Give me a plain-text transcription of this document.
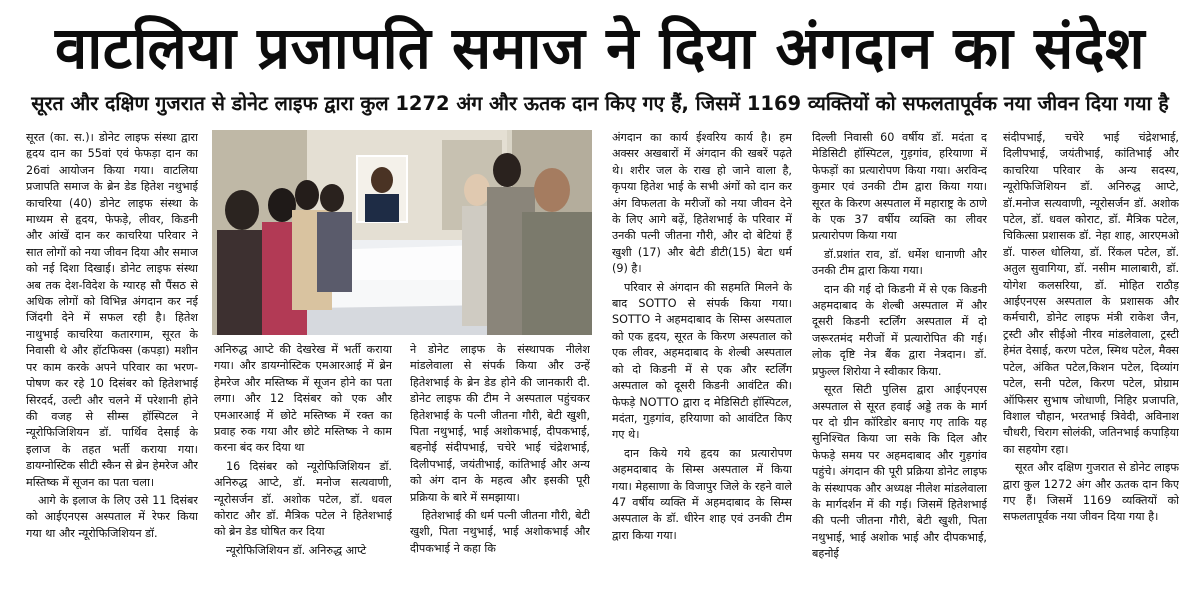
वाटलिया प्रजापति समाज ने दिया अंगदान का संदेश
सूरत और दक्षिण गुजरात से डोनेट लाइफ द्वारा कुल 1272 अंग और ऊतक दान किए गए हैं, जिसमें 1169 व्यक्तियों को सफलतापूर्वक नया जीवन दिया गया है

सूरत (का. स.)। डोनेट लाइफ संस्था द्वारा हृदय दान का 55वां एवं फेफड़ा दान का 26वां आयोजन किया गया। वाटलिया प्रजापति समाज के ब्रेन डेड हितेश नथुभाई काचरिया (40) डोनेट लाइफ संस्था के माध्यम से हृदय, फेफड़े, लीवर, किडनी और आंखें दान कर काचरिया परिवार ने सात लोगों को नया जीवन दिया और समाज को नई दिशा दिखाई। डोनेट लाइफ संस्था अब तक देश-विदेश के ग्यारह सौ पैंसठ से अधिक लोगों को विभिन्न अंगदान कर नई जिंदगी देने में सफल रही है। हितेश नाथुभाई काचरिया कतारगाम, सूरत के निवासी थे और हॉटफिक्स (कपड़ा) मशीन पर काम करके अपने परिवार का भरण-पोषण कर रहे 10 दिसंबर को हितेशभाई सिरदर्द, उल्टी और चलने में परेशानी होने की वजह से सीम्स हॉस्पिटल ने न्यूरोफिजिशियन डॉ. पार्थिव देसाई के इलाज के तहत भर्ती कराया गया। डायग्नोस्टिक सीटी स्कैन से ब्रेन हेमरेज और मस्तिष्क में सूजन का पता चला।

आगे के इलाज के लिए उसे 11 दिसंबर को आईएनएस अस्पताल में रेफर किया गया था और न्यूरोफिजिशियन डॉ.

अनिरुद्ध आप्टे की देखरेख में भर्ती कराया गया। और डायग्नोस्टिक एमआरआई में ब्रेन हेमरेज और मस्तिष्क में सूजन होने का पता लगा। और 12 दिसंबर को एक और एमआरआई में छोटे मस्तिष्क में रक्त का प्रवाह रुक गया और छोटे मस्तिष्क ने काम करना बंद कर दिया था

16 दिसंबर को न्यूरोफिजिशियन डॉ. अनिरुद्ध आप्टे, डॉ. मनोज सत्यवाणी, न्यूरोसर्जन डॉ. अशोक पटेल, डॉ. धवल कोराट और डॉ. मैत्रिक पटेल ने हितेशभाई को ब्रेन डेड घोषित कर दिया

न्यूरोफिजिशियन डॉ. अनिरुद्ध आप्टे

ने डोनेट लाइफ के संस्थापक नीलेश मांडलेवाला से संपर्क किया और उन्हें हितेशभाई के ब्रेन डेड होने की जानकारी दी. डोनेट लाइफ की टीम ने अस्पताल पहुंचकर हितेशभाई के पत्नी जीतना गौरी, बेटी खुशी, पिता नथुभाई, भाई अशोकभाई, दीपकभाई, बहनोई संदीपभाई, चचेरे भाई चंद्रेशभाई, दिलीपभाई, जयंतीभाई, कांतिभाई और अन्य को अंग दान के महत्व और इसकी पूरी प्रक्रिया के बारे में समझाया।

हितेशभाई की धर्म पत्नी जीतना गौरी, बेटी खुशी, पिता नथुभाई, भाई अशोकभाई और दीपकभाई ने कहा कि

अंगदान का कार्य ईश्वरिय कार्य है। हम अक्सर अखबारों में अंगदान की खबरें पढ़ते थे। शरीर जल के राख हो जाने वाला है, कृपया हितेश भाई के सभी अंगों को दान कर अंग विफलता के मरीजों को नया जीवन देने के लिए आगे बढ़ें, हितेशभाई के परिवार में उनकी पत्नी जीतना गौरी, और दो बेटियां हैं खुशी (17) और बेटी डीटी(15) बेटा धर्म (9) है।

परिवार से अंगदान की सहमति मिलने के बाद SOTTO से संपर्क किया गया। SOTTO ने अहमदाबाद के सिम्स अस्पताल को एक हृदय, सूरत के किरण अस्पताल को एक लीवर, अहमदाबाद के शेल्बी अस्पताल को दो किडनी में से एक और स्टर्लिंग अस्पताल को दूसरी किडनी आवंटित की। फेफड़े NOTTO द्वारा द मेडिसिटी हॉस्पिटल, मदंता, गुड़गांव, हरियाणा को आवंटित किए गए थे।

दान किये गये हृदय का प्रत्यारोपण अहमदाबाद के सिम्स अस्पताल में किया गया। मेहसाणा के विजापुर जिले के रहने वाले 47 वर्षीय व्यक्ति में अहमदाबाद के सिम्स अस्पताल के डॉ. धीरेन शाह एवं उनकी टीम द्वारा किया गया।

दिल्ली निवासी 60 वर्षीय डॉ. मदंता द मेडिसिटी हॉस्पिटल, गुड़गांव, हरियाणा में फेफड़ों का प्रत्यारोपण किया गया। अरविन्द कुमार एवं उनकी टीम द्वारा किया गया। सूरत के किरण अस्पताल में महाराष्ट्र के ठाणे के एक 37 वर्षीय व्यक्ति का लीवर प्रत्यारोपण किया गया

डॉ.प्रशांत राव, डॉ. धर्मेश धानाणी और उनकी टीम द्वारा किया गया।

दान की गई दो किडनी में से एक किडनी अहमदाबाद के शेल्बी अस्पताल में और दूसरी किडनी स्टर्लिंग अस्पताल में दो जरूरतमंद मरीजों में प्रत्यारोपित की गई। लोक दृष्टि नेत्र बैंक द्वारा नेत्रदान। डॉ. प्रफुल्ल शिरोया ने स्वीकार किया.

सूरत सिटी पुलिस द्वारा आईएनएस अस्पताल से सूरत हवाई अड्डे तक के मार्ग पर दो ग्रीन कॉरिडोर बनाए गए ताकि यह सुनिश्चित किया जा सके कि दिल और फेफड़े समय पर अहमदाबाद और गुड़गांव पहुंचे। अंगदान की पूरी प्रक्रिया डोनेट लाइफ के संस्थापक और अध्यक्ष नीलेश मांडलेवाला के मार्गदर्शन में की गई। जिसमें हितेशभाई की पत्नी जीतना गौरी, बेटी खुशी, पिता नथुभाई, भाई अशोक भाई और दीपकभाई, बहनोई

संदीपभाई, चचेरे भाई चंद्रेशभाई, दिलीपभाई, जयंतीभाई, कांतिभाई और काचरिया परिवार के अन्य सदस्य, न्यूरोफिजिशियन डॉ. अनिरुद्ध आप्टे, डॉ.मनोज सत्यवाणी, न्यूरोसर्जन डॉ. अशोक पटेल, डॉ. धवल कोराट, डॉ. मैत्रिक पटेल, चिकित्सा प्रशासक डॉ. नेहा शाह, आरएमओ डॉ. पारुल धोलिया, डॉ. रिंकल पटेल, डॉ. अतुल सुवागिया, डॉ. नसीम मालाबारी, डॉ. योगेश कलसरिया, डॉ. मोहित राठौड़ आईएनएस अस्पताल के प्रशासक और कर्मचारी, डोनेट लाइफ मंत्री राकेश जैन, ट्रस्टी और सीईओ नीरव मांडलेवाला, ट्रस्टी हेमंत देसाई, करण पटेल, स्मिथ पटेल, मैक्स पटेल, अंकित पटेल,किशन पटेल, दिव्यांग पटेल, सनी पटेल, किरण पटेल, प्रोग्राम ऑफिसर सुभाष जोधाणी, निहिर प्रजापति, विशाल चौहान, भरतभाई त्रिवेदी, अविनाश चौधरी, चिराग सोलंकी, जतिनभाई कपाड़िया का सहयोग रहा।

सूरत और दक्षिण गुजरात से डोनेट लाइफ द्वारा कुल 1272 अंग और ऊतक दान किए गए हैं। जिसमें 1169 व्यक्तियों को सफलतापूर्वक नया जीवन दिया गया है।
